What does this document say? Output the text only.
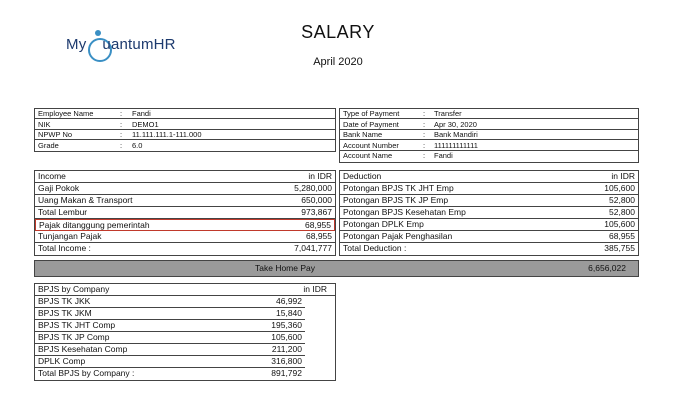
My uantumHR
SALARY
April 2020
Employee Name	: Fandi
NIK	: DEMO1
NPWP No	: 11.111.111.1-111.000
Grade	: 6.0
Type of Payment	: Transfer
Date of Payment	: Apr 30, 2020
Bank Name	: Bank Mandiri
Account Number	: 111111111111
Account Name	: Fandi
Income	in IDR
Gaji Pokok	5,280,000
Uang Makan & Transport	650,000
Total Lembur	973,867
Pajak ditanggung pemerintah	68,955
Tunjangan Pajak	68,955
Total Income :	7,041,777
Deduction	in IDR
Potongan BPJS TK JHT Emp	105,600
Potongan BPJS TK JP Emp	52,800
Potongan BPJS Kesehatan Emp	52,800
Potongan DPLK Emp	105,600
Potongan Pajak Penghasilan	68,955
Total Deduction :	385,755
Take Home Pay	6,656,022
BPJS by Company	in IDR
BPJS TK JKK	46,992
BPJS TK JKM	15,840
BPJS TK JHT Comp	195,360
BPJS TK JP Comp	105,600
BPJS Kesehatan Comp	211,200
DPLK Comp	316,800
Total BPJS by Company :	891,792
